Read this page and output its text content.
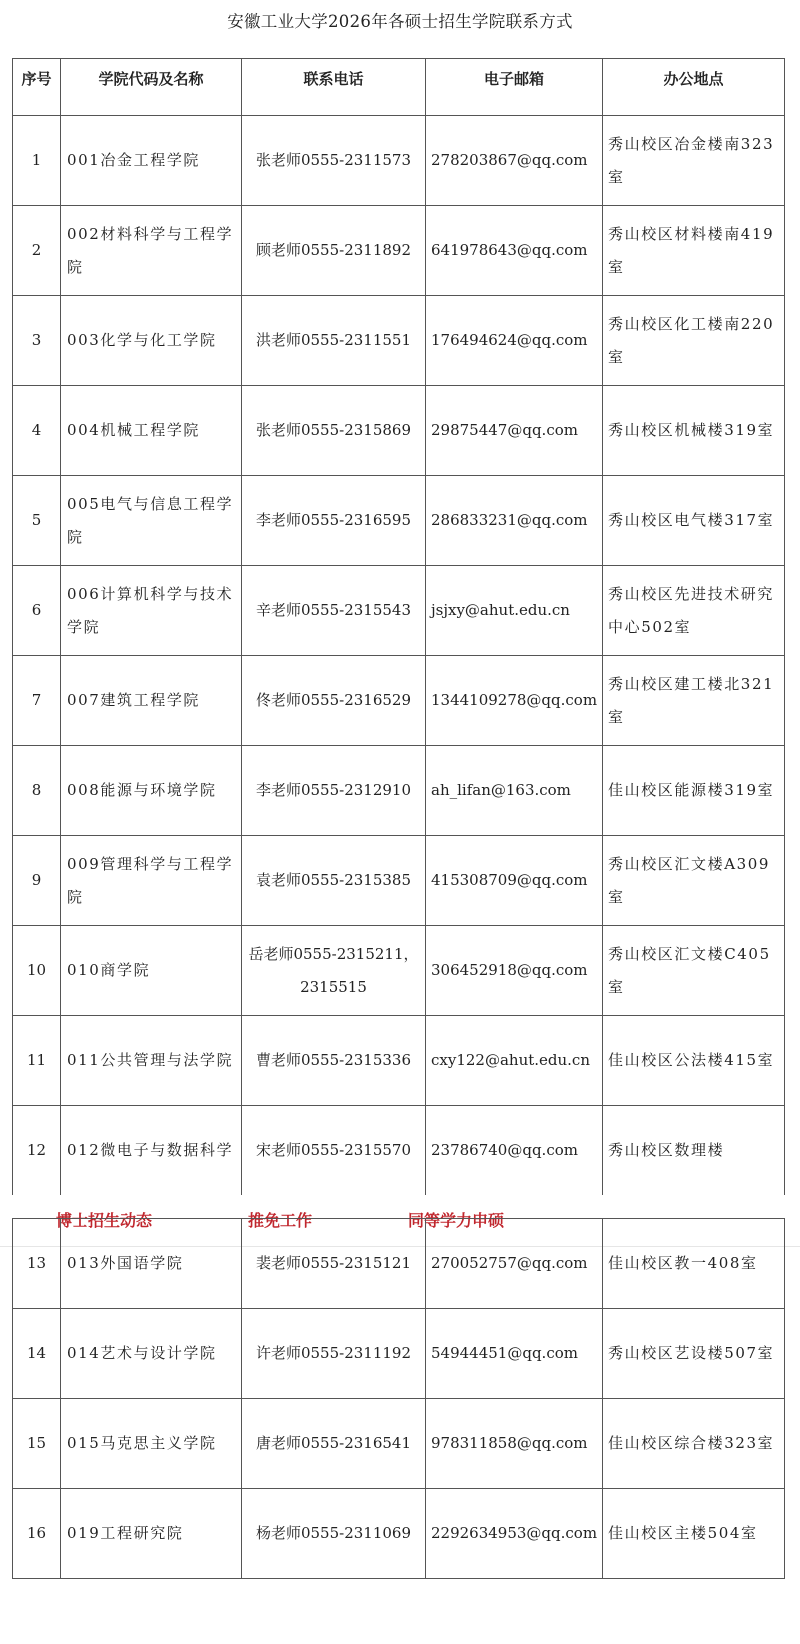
安徽工业大学2026年各硕士招生学院联系方式
序号	学院代码及名称	联系电话	电子邮箱	办公地点
1	001冶金工程学院	张老师0555-2311573	278203867@qq.com	秀山校区冶金楼南323室
2	002材料科学与工程学院	顾老师0555-2311892	641978643@qq.com	秀山校区材料楼南419室
3	003化学与化工学院	洪老师0555-2311551	176494624@qq.com	秀山校区化工楼南220室
4	004机械工程学院	张老师0555-2315869	29875447@qq.com	秀山校区机械楼319室
5	005电气与信息工程学院	李老师0555-2316595	286833231@qq.com	秀山校区电气楼317室
6	006计算机科学与技术学院	辛老师0555-2315543	jsjxy@ahut.edu.cn	秀山校区先进技术研究中心502室
7	007建筑工程学院	佟老师0555-2316529	1344109278@qq.com	秀山校区建工楼北321室
8	008能源与环境学院	李老师0555-2312910	ah_lifan@163.com	佳山校区能源楼319室
9	009管理科学与工程学院	袁老师0555-2315385	415308709@qq.com	秀山校区汇文楼A309室
10	010商学院	岳老师0555-2315211，2315515	306452918@qq.com	秀山校区汇文楼C405室
11	011公共管理与法学院	曹老师0555-2315336	cxy122@ahut.edu.cn	佳山校区公法楼415室
12	012微电子与数据科学	宋老师0555-2315570	23786740@qq.com	秀山校区数理楼
博士招生动态	推免工作	同等学力申硕
13	013外国语学院	裴老师0555-2315121	270052757@qq.com	佳山校区教一408室
14	014艺术与设计学院	许老师0555-2311192	54944451@qq.com	秀山校区艺设楼507室
15	015马克思主义学院	唐老师0555-2316541	978311858@qq.com	佳山校区综合楼323室
16	019工程研究院	杨老师0555-2311069	2292634953@qq.com	佳山校区主楼504室
